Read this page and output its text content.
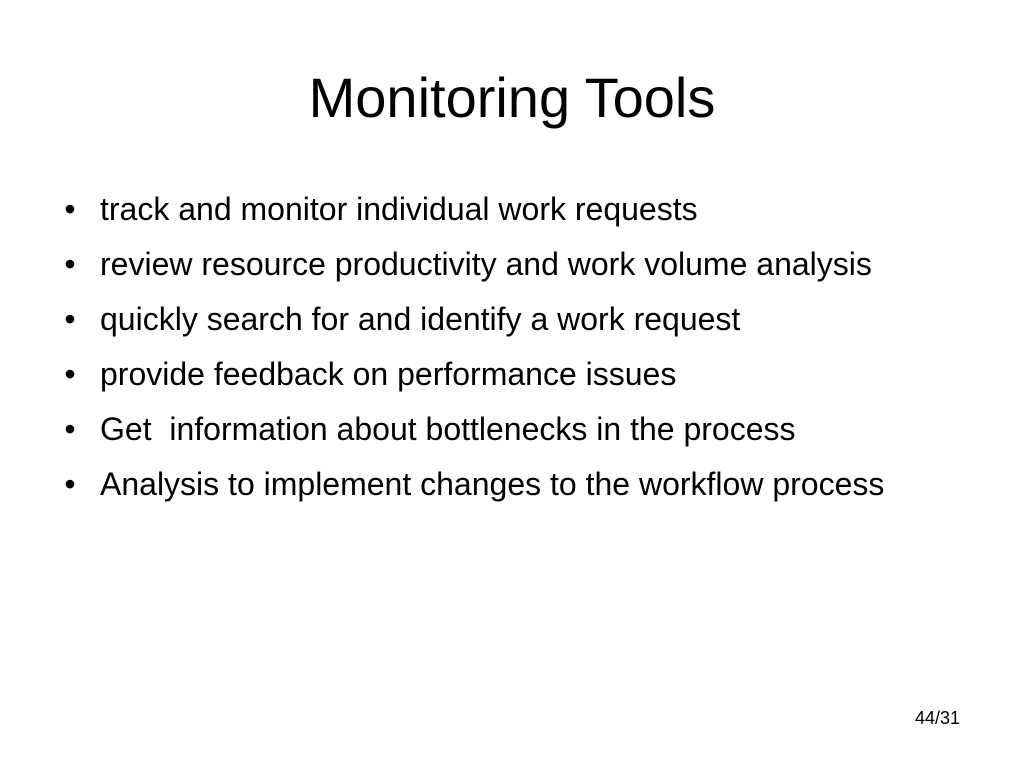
Monitoring Tools
• track and monitor individual work requests
• review resource productivity and work volume analysis
• quickly search for and identify a work request
• provide feedback on performance issues
• Get  information about bottlenecks in the process
• Analysis to implement changes to the workflow process
44/31
